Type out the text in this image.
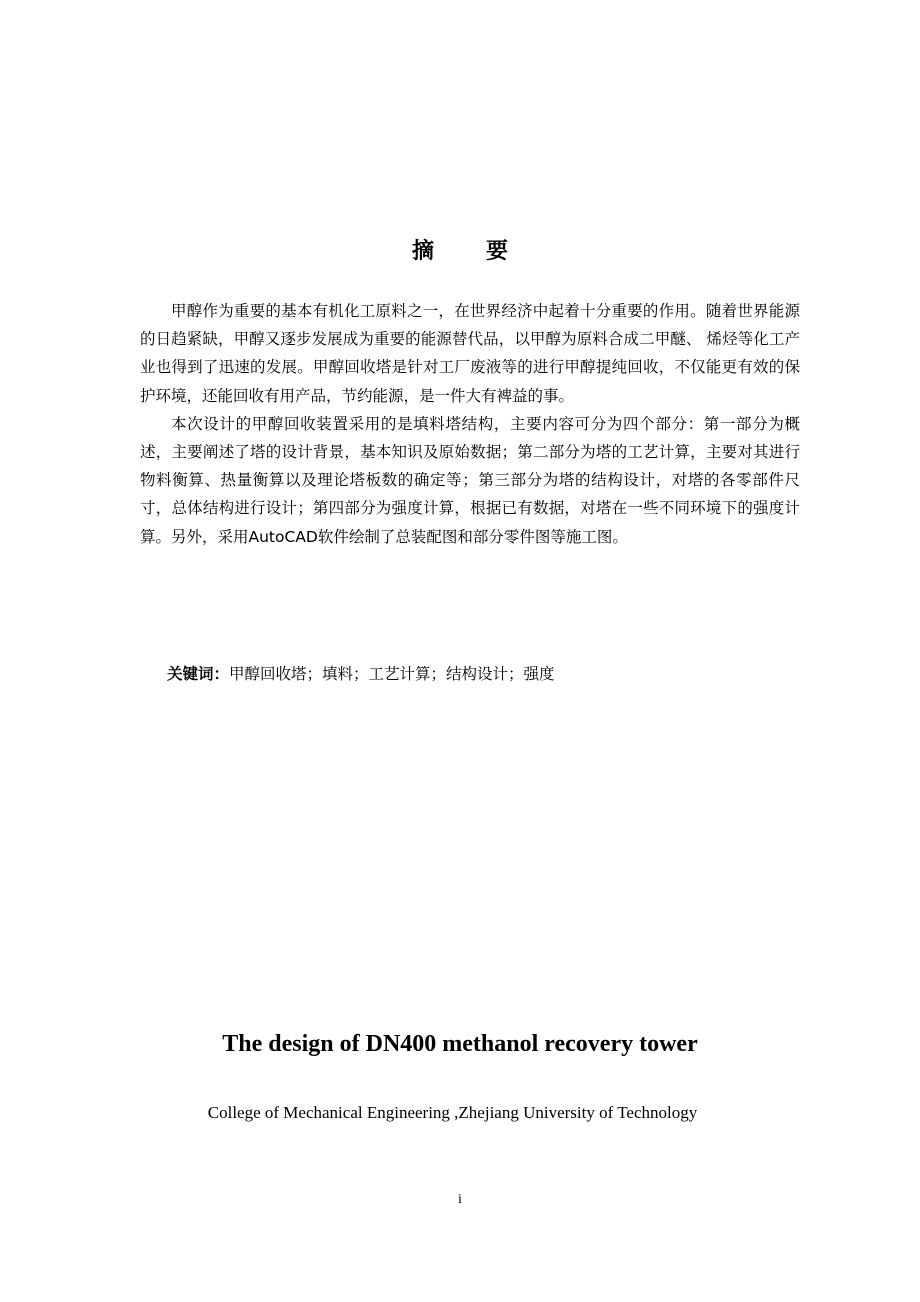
摘要

甲醇作为重要的基本有机化工原料之一，在世界经济中起着十分重要的作用。随着世界能源的日趋紧缺，甲醇又逐步发展成为重要的能源替代品，以甲醇为原料合成二甲醚、 烯烃等化工产业也得到了迅速的发展。甲醇回收塔是针对工厂废液等的进行甲醇提纯回收，不仅能更有效的保护环境，还能回收有用产品，节约能源，是一件大有裨益的事。

本次设计的甲醇回收装置采用的是填料塔结构，主要内容可分为四个部分：第一部分为概述，主要阐述了塔的设计背景，基本知识及原始数据；第二部分为塔的工艺计算，主要对其进行物料衡算、热量衡算以及理论塔板数的确定等；第三部分为塔的结构设计，对塔的各零部件尺寸，总体结构进行设计；第四部分为强度计算，根据已有数据，对塔在一些不同环境下的强度计算。另外，采用AutoCAD软件绘制了总装配图和部分零件图等施工图。

关键词：甲醇回收塔；填料；工艺计算；结构设计；强度
The design of DN400 methanol recovery tower
College of Mechanical Engineering ,Zhejiang University of Technology
i
